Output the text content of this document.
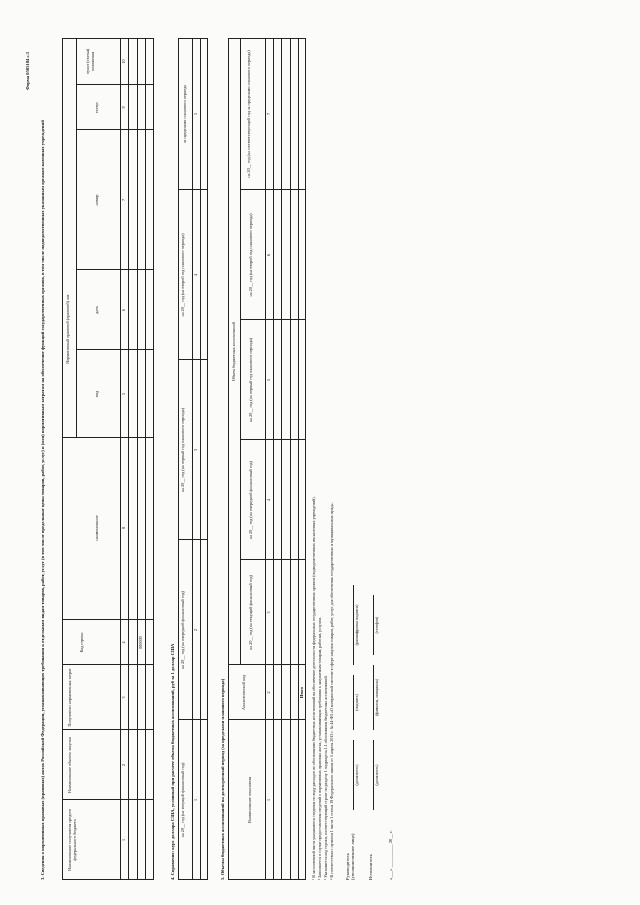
Форма 0505184 с.3
3. Сведения о нормативных правовых (правовых) актах Российской Федерации, устанавливающих требования к отдельным видам товаров, работ, услуг (в том числе предельные цены товаров, работ, услуг) и (или) нормативным затратам на обеспечение функций государственных органов, в том числе подведомственных указанным органам казенных учреждений	Наименование получателя средств федерального бюджета
Наименование объекта закупки
Получатели нормативных затрат
Код строки
Нормативный правовой (правовой) акт
вид
дата
номер
наименование
статус
пункт (статья) положения
1
2
3
4
5
6
7
8
9
10
000000
4. Справочно: курс доллара США, условный при расчете объема бюджетных ассигнований, руб за 1 доллар США на 20__ год (на текущий финансовый год)
на 20__ год (на очередной финансовый год)
на 20__ год (на первый год планового периода)
на 20__ год (на второй год планового периода)
за пределами планового периода
1
2
3
4
5
5. Объемы бюджетных ассигнований на долгосрочный период (за пределами планового периода)	Наименование показателя
Аналитический код
Объем бюджетных ассигнований
на 20__ год (на текущий финансовый год)
на 20__ год (на очередной финансовый год)
на 20__ год (на первый год планового периода)
на 20__ год (на второй год планового периода)
на 20__ год (на соответствующий год за пределами планового периода)
1
2
3
4
5
6
7
Итого ¹ В заголовочной части указываются сведения по виду расходов по обоснованию бюджетных ассигнований на обеспечение деятельности федеральных государственных органов (подведомственных им казенных учреждений). ² Заполняется в случае предоставления сведений о нормативных правовых актах, устанавливающих требования к закупаемым товарам, работам, услугам. ³ Указывается код строки, соответствующий строке по разделу 1 подраздела 1.1 обоснования бюджетных ассигнований. ⁴ В соответствии с пунктом 1 части 1 статьи 19 Федерального закона от 5 апреля 2013 г. № 44-ФЗ «О контрактной системе в сфере закупок товаров, работ, услуг для обеспечения государственных и муниципальных нужд». Руководитель (уполномоченное лицо)
(должность)
(подпись)
(расшифровка подписи)
Исполнитель
(должность)
(фамилия, инициалы)
(телефон)
«___» __________ 20__ г.
